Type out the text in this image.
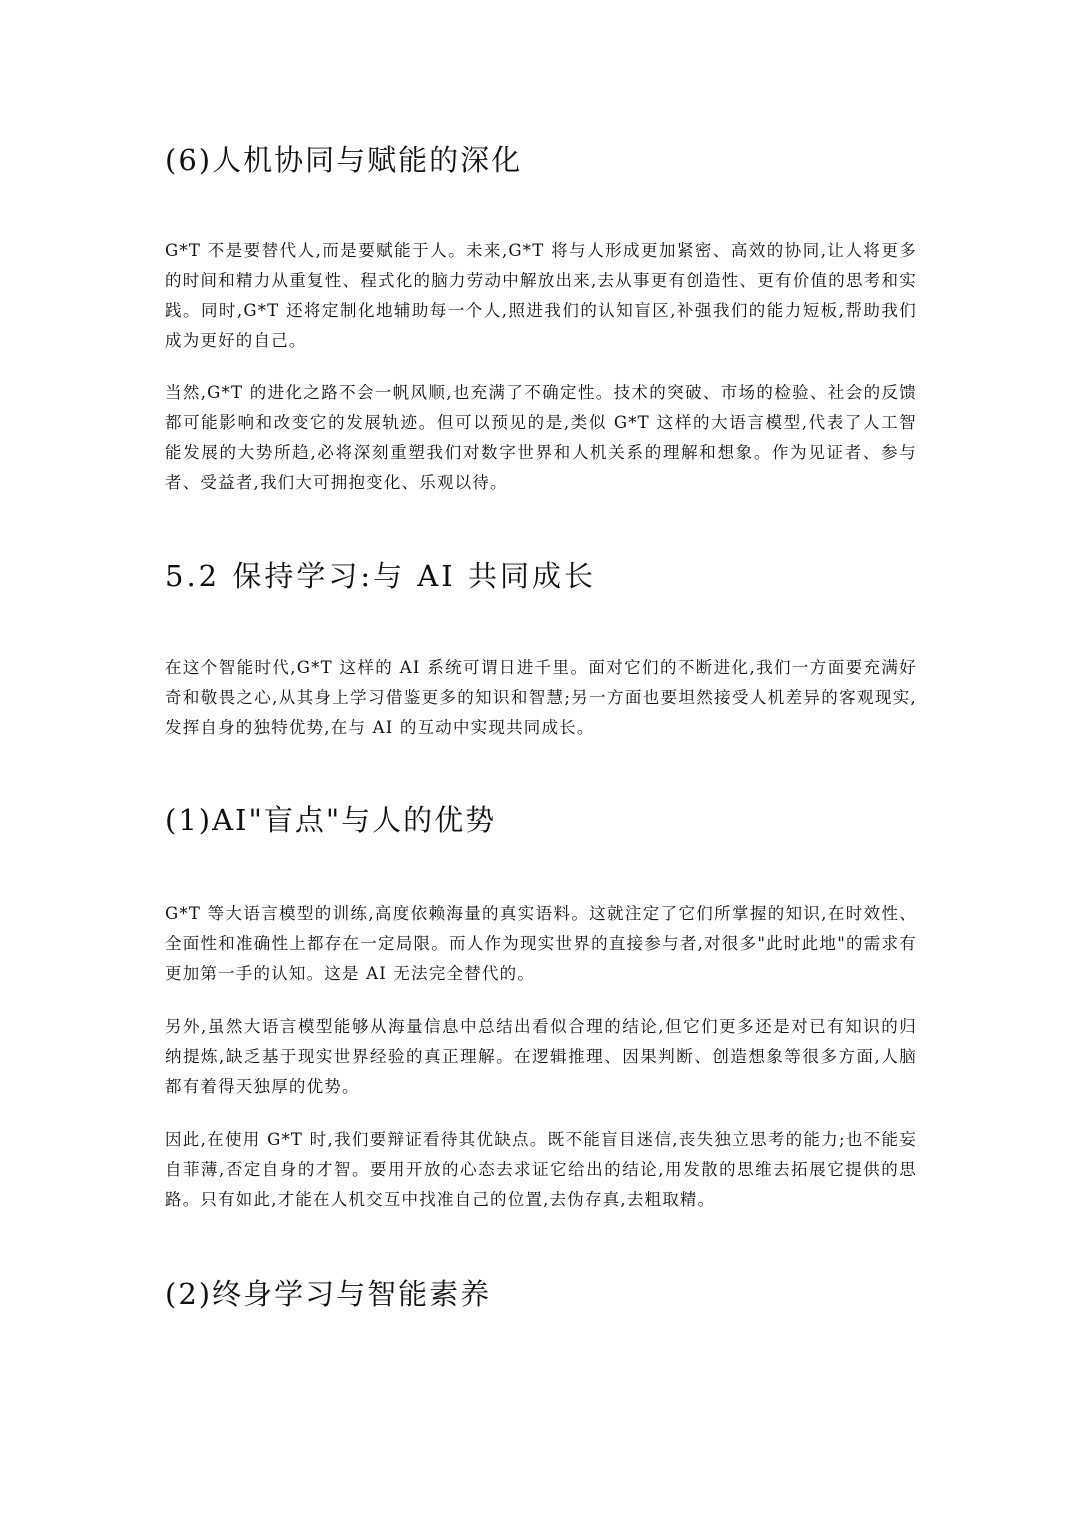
(6)人机协同与赋能的深化

G*T 不是要替代人,而是要赋能于人。未来,G*T 将与人形成更加紧密、高效的协同,让人将更多的时间和精力从重复性、程式化的脑力劳动中解放出来,去从事更有创造性、更有价值的思考和实践。同时,G*T 还将定制化地辅助每一个人,照进我们的认知盲区,补强我们的能力短板,帮助我们成为更好的自己。

当然,G*T 的进化之路不会一帆风顺,也充满了不确定性。技术的突破、市场的检验、社会的反馈都可能影响和改变它的发展轨迹。但可以预见的是,类似 G*T 这样的大语言模型,代表了人工智能发展的大势所趋,必将深刻重塑我们对数字世界和人机关系的理解和想象。作为见证者、参与者、受益者,我们大可拥抱变化、乐观以待。

5.2 保持学习:与 AI 共同成长

在这个智能时代,G*T 这样的 AI 系统可谓日进千里。面对它们的不断进化,我们一方面要充满好奇和敬畏之心,从其身上学习借鉴更多的知识和智慧;另一方面也要坦然接受人机差异的客观现实,发挥自身的独特优势,在与 AI 的互动中实现共同成长。

(1)AI"盲点"与人的优势

G*T 等大语言模型的训练,高度依赖海量的真实语料。这就注定了它们所掌握的知识,在时效性、全面性和准确性上都存在一定局限。而人作为现实世界的直接参与者,对很多"此时此地"的需求有更加第一手的认知。这是 AI 无法完全替代的。

另外,虽然大语言模型能够从海量信息中总结出看似合理的结论,但它们更多还是对已有知识的归纳提炼,缺乏基于现实世界经验的真正理解。在逻辑推理、因果判断、创造想象等很多方面,人脑都有着得天独厚的优势。

因此,在使用 G*T 时,我们要辩证看待其优缺点。既不能盲目迷信,丧失独立思考的能力;也不能妄自菲薄,否定自身的才智。要用开放的心态去求证它给出的结论,用发散的思维去拓展它提供的思路。只有如此,才能在人机交互中找准自己的位置,去伪存真,去粗取精。

(2)终身学习与智能素养
